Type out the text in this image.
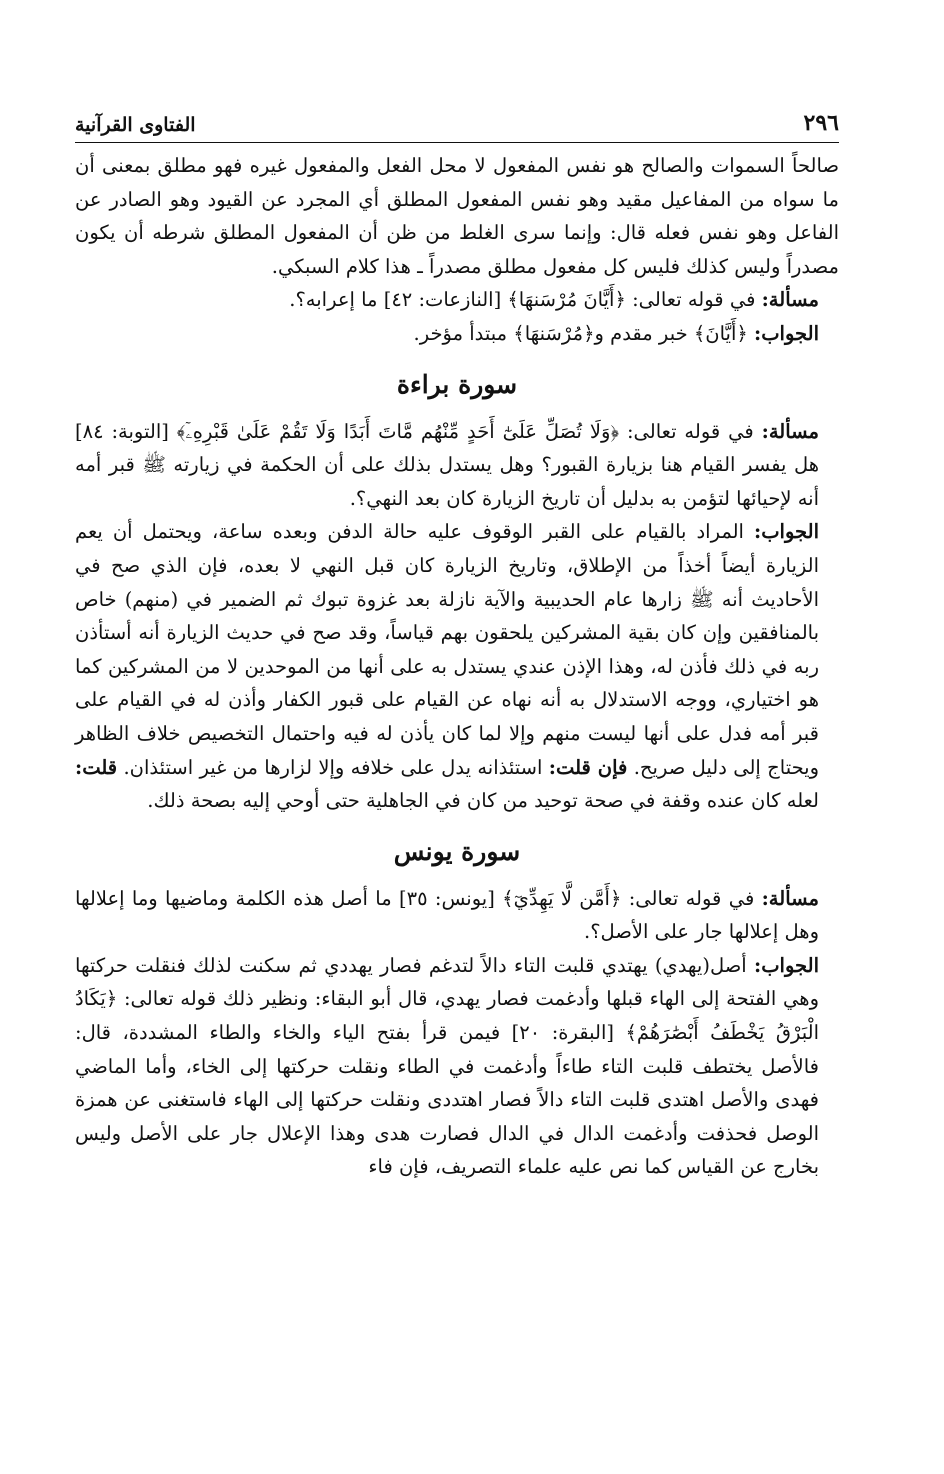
٢٩٦
الفتاوى القرآنية

صالحاً السموات والصالح هو نفس المفعول لا محل الفعل والمفعول غيره فهو مطلق بمعنى أن ما سواه من المفاعيل مقيد وهو نفس المفعول المطلق أي المجرد عن القيود وهو الصادر عن الفاعل وهو نفس فعله قال: وإنما سرى الغلط من ظن أن المفعول المطلق شرطه أن يكون مصدراً وليس كذلك فليس كل مفعول مطلق مصدراً ـ هذا كلام السبكي.

مسألة: في قوله تعالى: ﴿أَيَّانَ مُرْسَنهَا﴾ [النازعات: ٤٢] ما إعرابه؟.

الجواب: ﴿أَيَّانَ﴾ خبر مقدم و﴿مُرْسَنهَا﴾ مبتدأ مؤخر.

سورة براءة

مسألة: في قوله تعالى: ﴿وَلَا تُصَلِّ عَلَىٰٓ أَحَدٍ مِّنْهُم مَّاتَ أَبَدًا وَلَا تَقُمْ عَلَىٰ قَبْرِهِۦٓ﴾ [التوبة: ٨٤] هل يفسر القيام هنا بزيارة القبور؟ وهل يستدل بذلك على أن الحكمة في زيارته ﷺ قبر أمه أنه لإحيائها لتؤمن به بدليل أن تاريخ الزيارة كان بعد النهي؟.

الجواب: المراد بالقيام على القبر الوقوف عليه حالة الدفن وبعده ساعة، ويحتمل أن يعم الزيارة أيضاً أخذاً من الإطلاق، وتاريخ الزيارة كان قبل النهي لا بعده، فإن الذي صح في الأحاديث أنه ﷺ زارها عام الحديبية والآية نازلة بعد غزوة تبوك ثم الضمير في (منهم) خاص بالمنافقين وإن كان بقية المشركين يلحقون بهم قياساً، وقد صح في حديث الزيارة أنه أستأذن ربه في ذلك فأذن له، وهذا الإذن عندي يستدل به على أنها من الموحدين لا من المشركين كما هو اختياري، ووجه الاستدلال به أنه نهاه عن القيام على قبور الكفار وأذن له في القيام على قبر أمه فدل على أنها ليست منهم وإلا لما كان يأذن له فيه واحتمال التخصيص خلاف الظاهر ويحتاج إلى دليل صريح. فإن قلت: استئذانه يدل على خلافه وإلا لزارها من غير استئذان. قلت: لعله كان عنده وقفة في صحة توحيد من كان في الجاهلية حتى أوحي إليه بصحة ذلك.

سورة يونس

مسألة: في قوله تعالى: ﴿أَمَّن لَّا يَهِدِّيٓ﴾ [يونس: ٣٥] ما أصل هذه الكلمة وماضيها وما إعلالها وهل إعلالها جار على الأصل؟.

الجواب: أصل(يهدي) يهتدي قلبت التاء دالاً لتدغم فصار يهددي ثم سكنت لذلك فنقلت حركتها وهي الفتحة إلى الهاء قبلها وأدغمت فصار يهدي، قال أبو البقاء: ونظير ذلك قوله تعالى: ﴿يَكَادُ الْبَرْقُ يَخْطَفُ أَبْصَٰرَهُمْ﴾ [البقرة: ٢٠] فيمن قرأ بفتح الياء والخاء والطاء المشددة، قال: فالأصل يختطف قلبت التاء طاءاً وأدغمت في الطاء ونقلت حركتها إلى الخاء، وأما الماضي فهدى والأصل اهتدى قلبت التاء دالاً فصار اهتددى ونقلت حركتها إلى الهاء فاستغنى عن همزة الوصل فحذفت وأدغمت الدال في الدال فصارت هدى وهذا الإعلال جار على الأصل وليس بخارج عن القياس كما نص عليه علماء التصريف، فإن فاء
